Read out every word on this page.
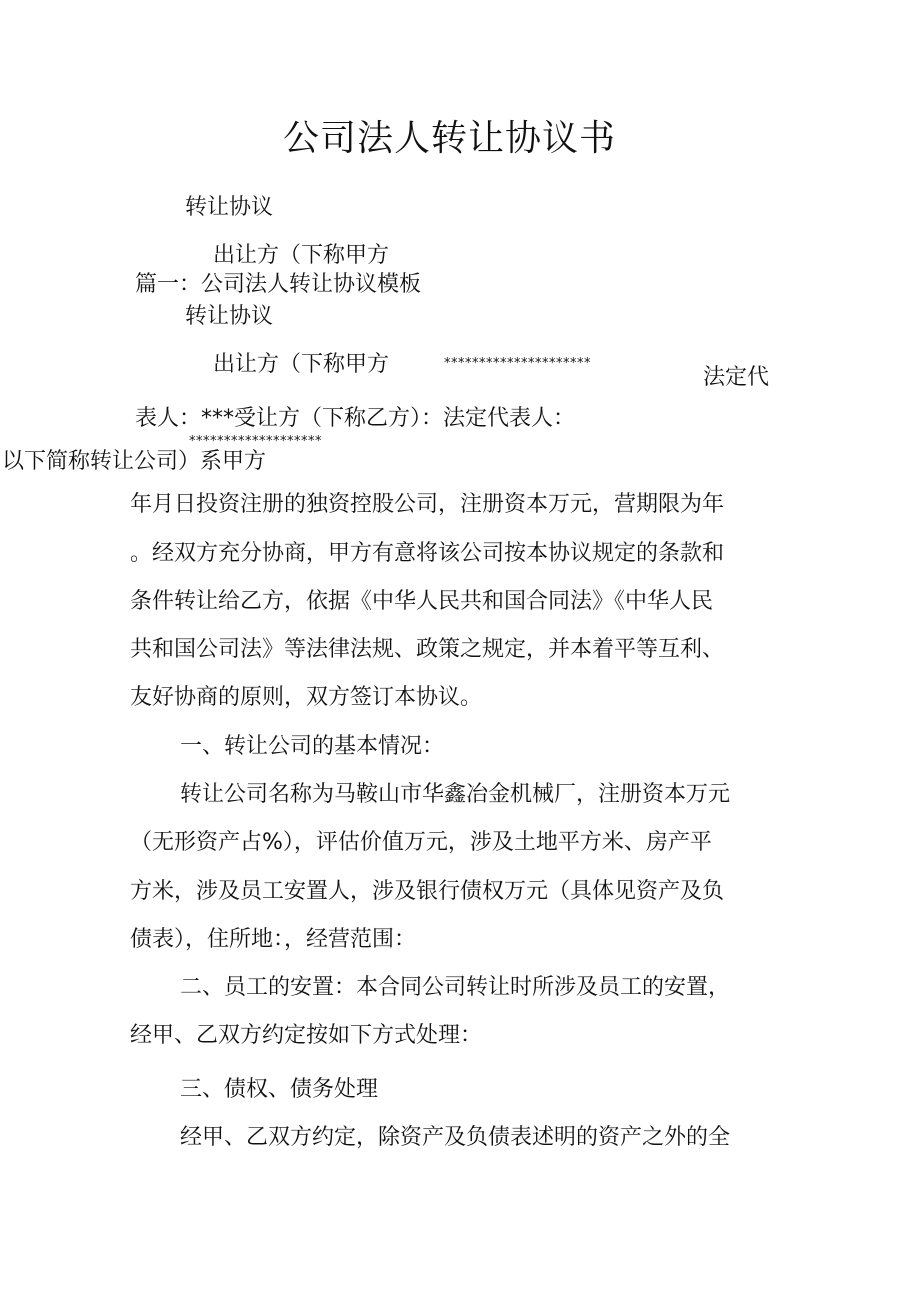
公司法人转让协议书
转让协议
出让方（下称甲方
篇一：公司法人转让协议模板
转让协议
出让方（下称甲方	*********************
法定代
表人：***受让方（下称乙方）：法定代表人：
*******************
以下简称转让公司）系甲方
年月日投资注册的独资控股公司，注册资本万元，营期限为年
。经双方充分协商，甲方有意将该公司按本协议规定的条款和
条件转让给乙方，依据《中华人民共和国合同法》《中华人民
共和国公司法》等法律法规、政策之规定，并本着平等互利、
友好协商的原则，双方签订本协议。
一、转让公司的基本情况：
转让公司名称为马鞍山市华鑫冶金机械厂，注册资本万元
（无形资产占%），评估价值万元，涉及土地平方米、房产平
方米，涉及员工安置人，涉及银行债权万元（具体见资产及负
债表），住所地：，经营范围：
二、员工的安置：本合同公司转让时所涉及员工的安置，
经甲、乙双方约定按如下方式处理：
三、债权、债务处理
经甲、乙双方约定，除资产及负债表述明的资产之外的全
